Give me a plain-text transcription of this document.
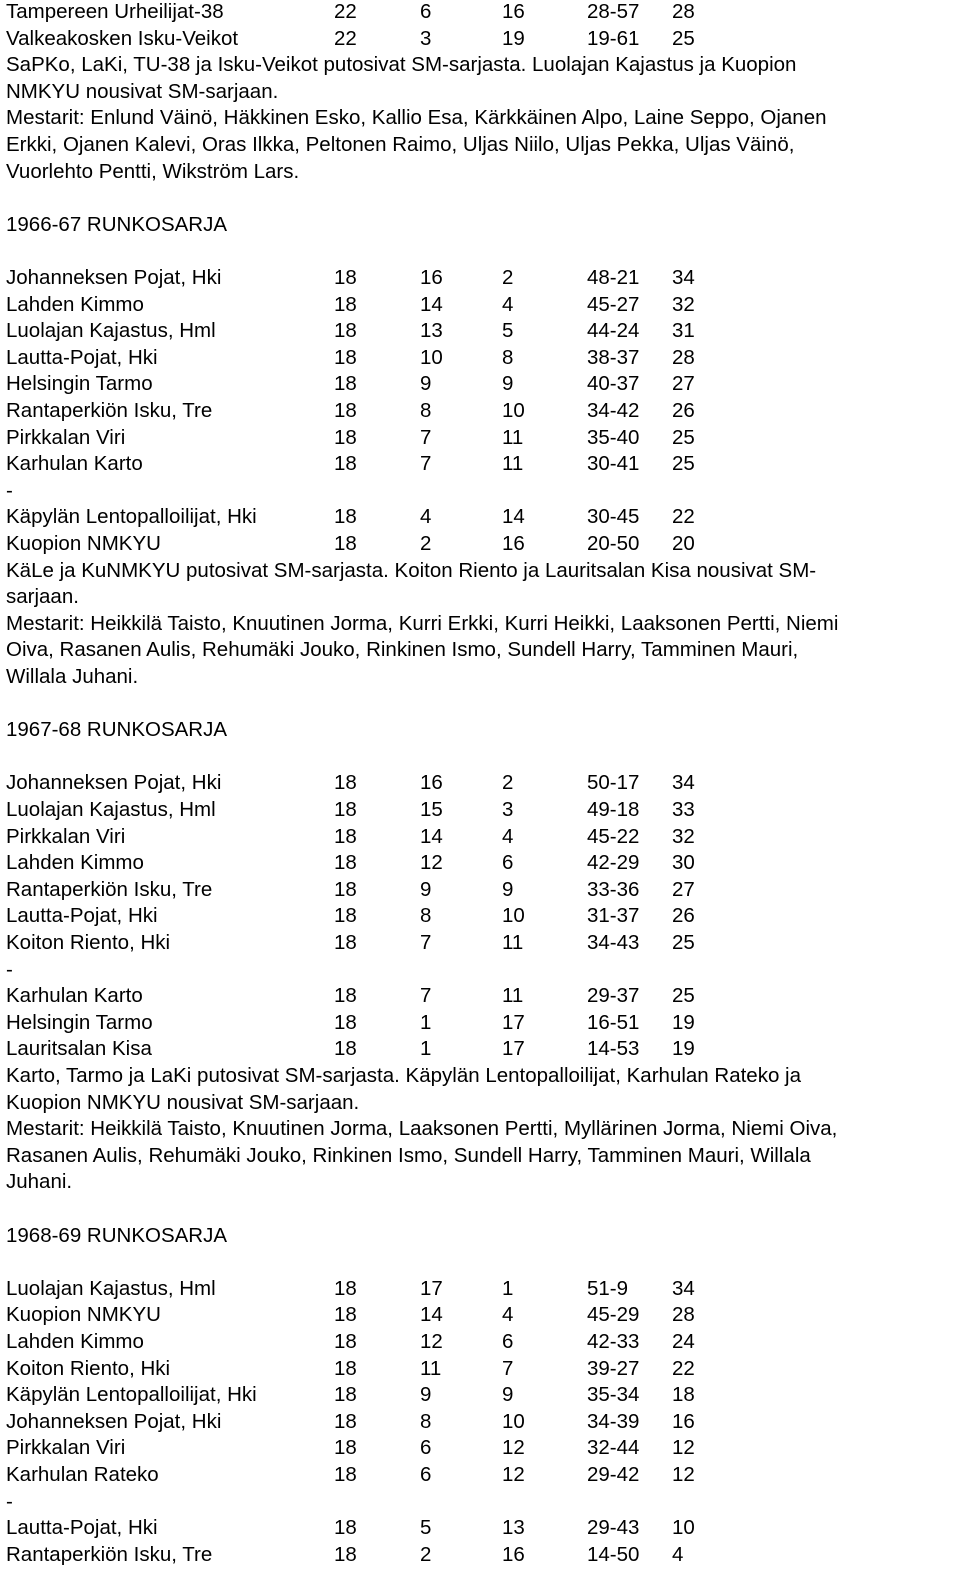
Tampereen Urheilijat-38	22	6	16	28-57 28
Valkeakosken Isku-Veikot	22	3	19	19-61 25
SaPKo, LaKi, TU-38 ja Isku-Veikot putosivat SM-sarjasta. Luolajan Kajastus ja Kuopion
NMKYU nousivat SM-sarjaan.
Mestarit: Enlund Väinö, Häkkinen Esko, Kallio Esa, Kärkkäinen Alpo, Laine Seppo, Ojanen
Erkki, Ojanen Kalevi, Oras Ilkka, Peltonen Raimo, Uljas Niilo, Uljas Pekka, Uljas Väinö,
Vuorlehto Pentti, Wikström Lars.
1966-67 RUNKOSARJA
Johanneksen Pojat, Hki	18	16	2	48-21 34
Lahden Kimmo	18	14	4	45-27 32
Luolajan Kajastus, Hml	18	13	5	44-24 31
Lautta-Pojat, Hki	18	10	8	38-37 28
Helsingin Tarmo	18	9	9	40-37 27
Rantaperkiön Isku, Tre	18	8	10	34-42 26
Pirkkalan Viri	18	7	11	35-40 25
Karhulan Karto	18	7	11	30-41 25
-
Käpylän Lentopalloilijat, Hki	18	4	14	30-45 22
Kuopion NMKYU	18	2	16	20-50 20
KäLe ja KuNMKYU putosivat SM-sarjasta. Koiton Riento ja Lauritsalan Kisa nousivat SM-
sarjaan.
Mestarit: Heikkilä Taisto, Knuutinen Jorma, Kurri Erkki, Kurri Heikki, Laaksonen Pertti, Niemi
Oiva, Rasanen Aulis, Rehumäki Jouko, Rinkinen Ismo, Sundell Harry, Tamminen Mauri,
Willala Juhani.
1967-68 RUNKOSARJA
Johanneksen Pojat, Hki	18	16	2	50-17 34
Luolajan Kajastus, Hml	18	15	3	49-18 33
Pirkkalan Viri	18	14	4	45-22 32
Lahden Kimmo	18	12	6	42-29 30
Rantaperkiön Isku, Tre	18	9	9	33-36 27
Lautta-Pojat, Hki	18	8	10	31-37 26
Koiton Riento, Hki	18	7	11	34-43 25
-
Karhulan Karto	18	7	11	29-37 25
Helsingin Tarmo	18	1	17	16-51 19
Lauritsalan Kisa	18	1	17	14-53 19
Karto, Tarmo ja LaKi putosivat SM-sarjasta. Käpylän Lentopalloilijat, Karhulan Rateko ja
Kuopion NMKYU nousivat SM-sarjaan.
Mestarit: Heikkilä Taisto, Knuutinen Jorma, Laaksonen Pertti, Myllärinen Jorma, Niemi Oiva,
Rasanen Aulis, Rehumäki Jouko, Rinkinen Ismo, Sundell Harry, Tamminen Mauri, Willala
Juhani.
1968-69 RUNKOSARJA
Luolajan Kajastus, Hml	18	17	1	51-9 34
Kuopion NMKYU	18	14	4	45-29 28
Lahden Kimmo	18	12	6	42-33 24
Koiton Riento, Hki	18	11	7	39-27 22
Käpylän Lentopalloilijat, Hki	18	9	9	35-34 18
Johanneksen Pojat, Hki	18	8	10	34-39 16
Pirkkalan Viri	18	6	12	32-44 12
Karhulan Rateko	18	6	12	29-42 12
-
Lautta-Pojat, Hki	18	5	13	29-43 10
Rantaperkiön Isku, Tre	18	2	16	14-50 4
